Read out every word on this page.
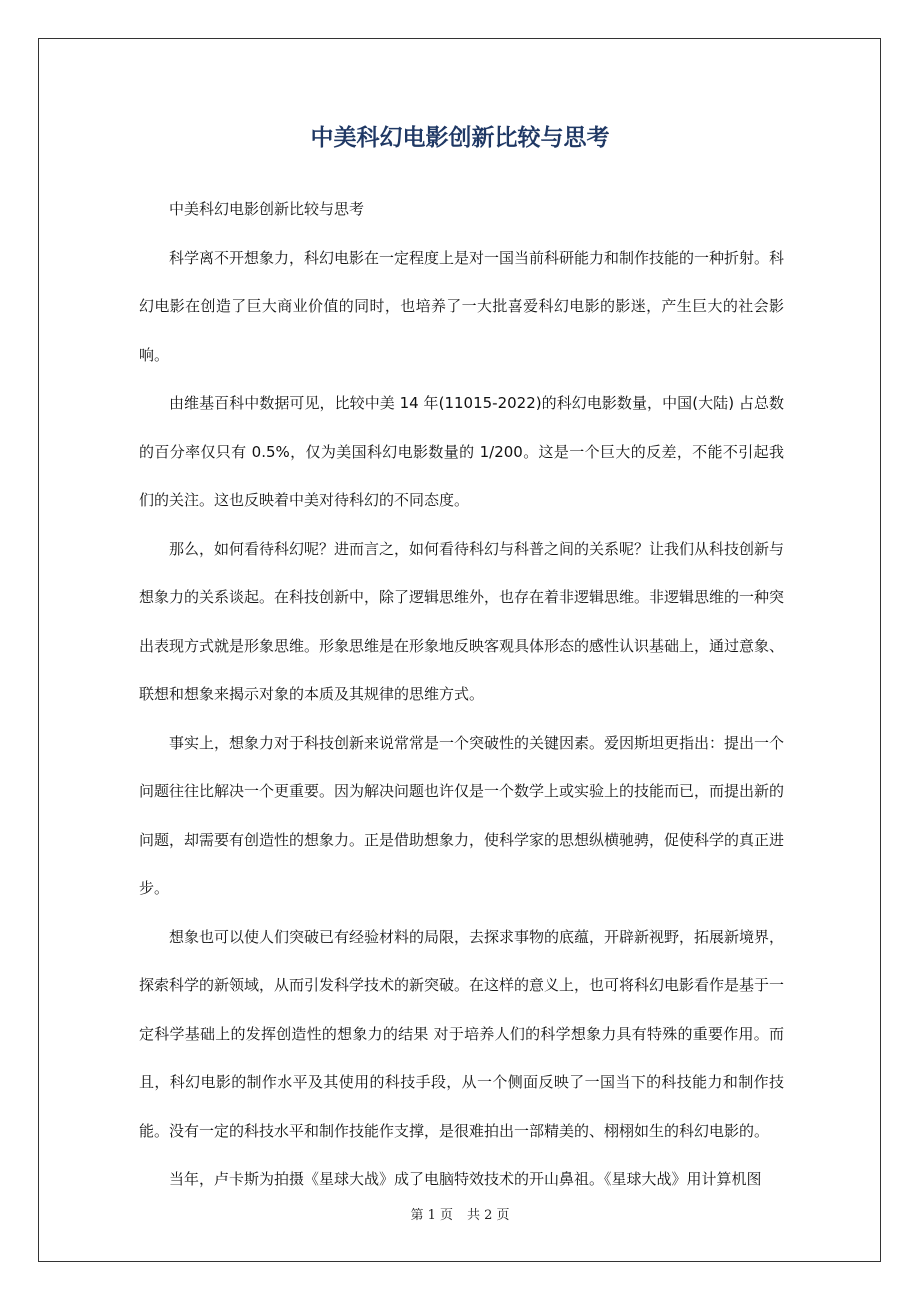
中美科幻电影创新比较与思考

中美科幻电影创新比较与思考

科学离不开想象力，科幻电影在一定程度上是对一国当前科研能力和制作技能的一种折射。科幻电影在创造了巨大商业价值的同时，也培养了一大批喜爱科幻电影的影迷，产生巨大的社会影响。

由维基百科中数据可见，比较中美 14 年(11015-2022)的科幻电影数量，中国(大陆) 占总数的百分率仅只有 0.5%，仅为美国科幻电影数量的 1/200。这是一个巨大的反差，不能不引起我们的关注。这也反映着中美对待科幻的不同态度。

那么，如何看待科幻呢？进而言之，如何看待科幻与科普之间的关系呢？让我们从科技创新与想象力的关系谈起。在科技创新中，除了逻辑思维外，也存在着非逻辑思维。非逻辑思维的一种突出表现方式就是形象思维。形象思维是在形象地反映客观具体形态的感性认识基础上，通过意象、联想和想象来揭示对象的本质及其规律的思维方式。

事实上，想象力对于科技创新来说常常是一个突破性的关键因素。爱因斯坦更指出：提出一个问题往往比解决一个更重要。因为解决问题也许仅是一个数学上或实验上的技能而已，而提出新的问题，却需要有创造性的想象力。正是借助想象力，使科学家的思想纵横驰骋，促使科学的真正进步。

想象也可以使人们突破已有经验材料的局限，去探求事物的底蕴，开辟新视野，拓展新境界，探索科学的新领域，从而引发科学技术的新突破。在这样的意义上，也可将科幻电影看作是基于一定科学基础上的发挥创造性的想象力的结果 对于培养人们的科学想象力具有特殊的重要作用。而且，科幻电影的制作水平及其使用的科技手段，从一个侧面反映了一国当下的科技能力和制作技能。没有一定的科技水平和制作技能作支撑，是很难拍出一部精美的、栩栩如生的科幻电影的。

当年，卢卡斯为拍摄《星球大战》成了电脑特效技术的开山鼻祖。《星球大战》用计算机图

第 1 页 共 2 页
